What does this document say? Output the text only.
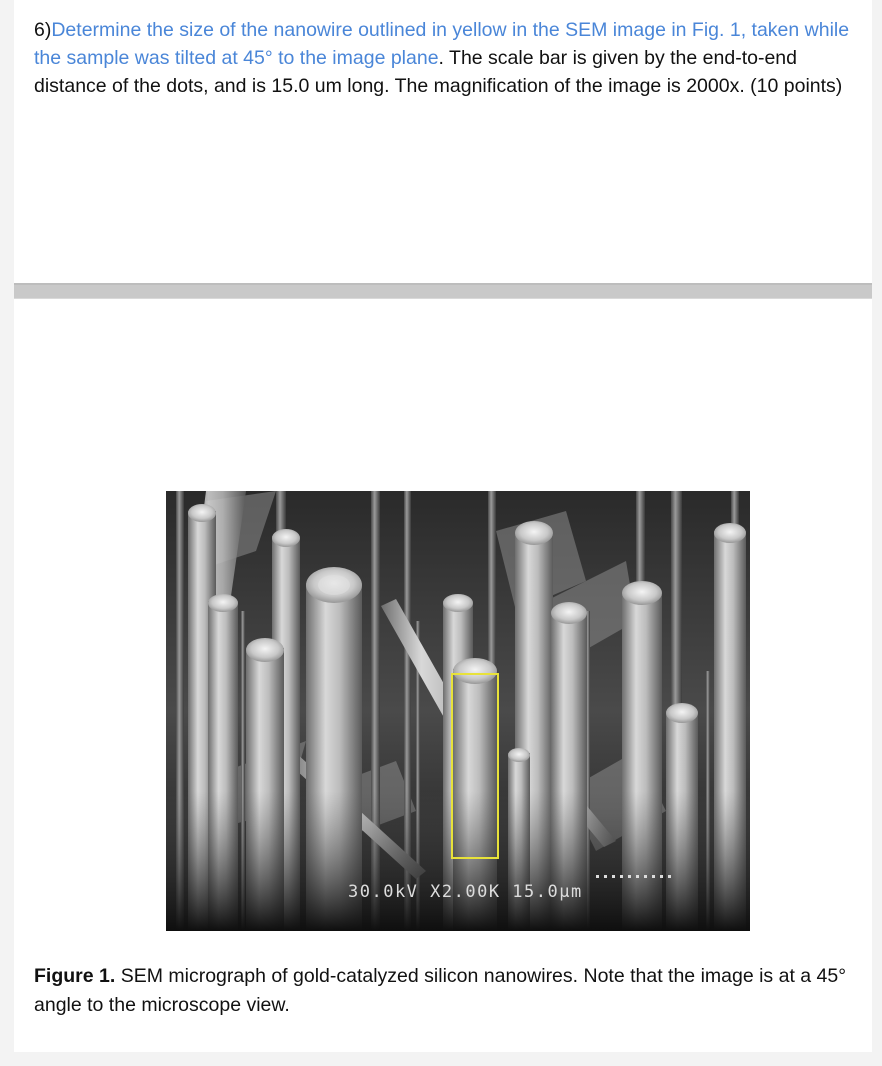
6)Determine the size of the nanowire outlined in yellow in the SEM image in Fig. 1, taken while the sample was tilted at 45° to the image plane. The scale bar is given by the end-to-end distance of the dots, and is 15.0 um long. The magnification of the image is 2000x. (10 points)

30.0kV X2.00K 15.0µm

Figure 1. SEM micrograph of gold-catalyzed silicon nanowires. Note that the image is at a 45° angle to the microscope view.
